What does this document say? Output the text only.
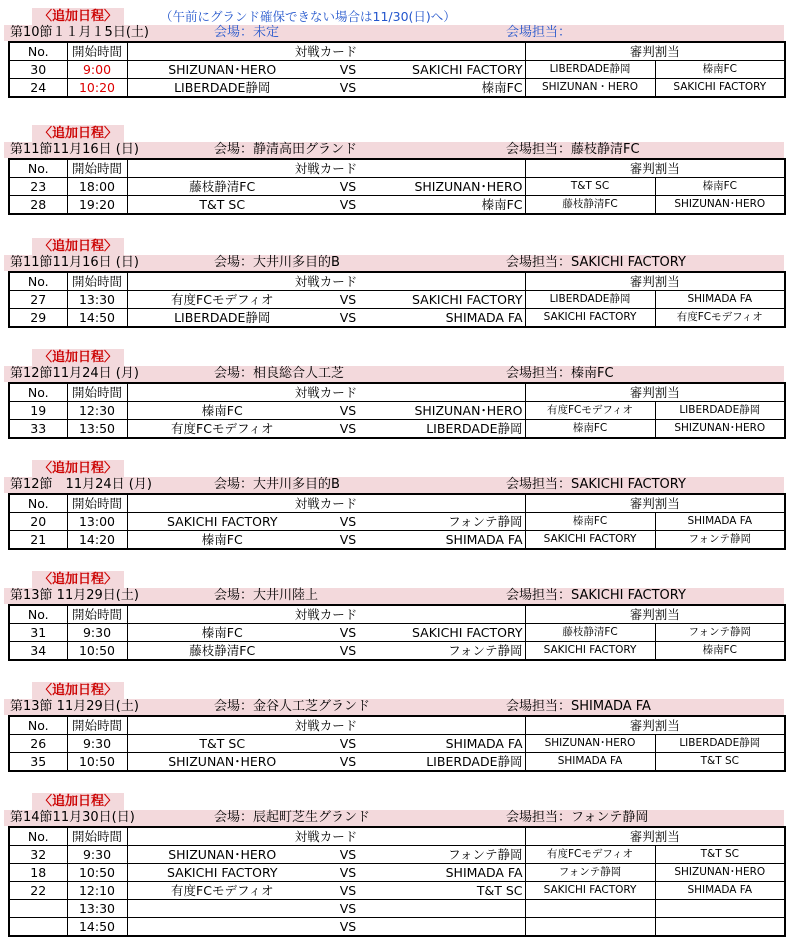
〈追加日程〉	（午前にグランド確保できない場合は11/30(日)へ）
第10節１１月１5日(土)	会場：未定	会場担当：
No.	開始時間	対戦カード			審判割当	
30	9:00	SHIZUNAN･HERO	VS	SAKICHI FACTORY	LIBERDADE静岡	榛南FC
24	10:20	LIBERDADE静岡	VS	榛南FC	SHIZUNAN・HERO	SAKICHI FACTORY
〈追加日程〉
第11節11月16日 (日)	会場：静清高田グランド	会場担当：藤枝静清FC
No.	開始時間	対戦カード			審判割当	
23	18:00	藤枝静清FC	VS	SHIZUNAN･HERO	T&T SC	榛南FC
28	19:20	T&T SC	VS	榛南FC	藤枝静清FC	SHIZUNAN･HERO
〈追加日程〉
第11節11月16日 (日)	会場：大井川多目的B	会場担当：SAKICHI FACTORY
No.	開始時間	対戦カード			審判割当	
27	13:30	有度FCモデフィオ	VS	SAKICHI FACTORY	LIBERDADE静岡	SHIMADA FA
29	14:50	LIBERDADE静岡	VS	SHIMADA FA	SAKICHI FACTORY	有度FCモデフィオ
〈追加日程〉
第12節11月24日 (月)	会場：相良総合人工芝	会場担当：榛南FC
No.	開始時間	対戦カード			審判割当	
19	12:30	榛南FC	VS	SHIZUNAN･HERO	有度FCモデフィオ	LIBERDADE静岡
33	13:50	有度FCモデフィオ	VS	LIBERDADE静岡	榛南FC	SHIZUNAN･HERO
〈追加日程〉
第12節　11月24日 (月)	会場：大井川多目的B	会場担当：SAKICHI FACTORY
No.	開始時間	対戦カード			審判割当	
20	13:00	SAKICHI FACTORY	VS	フォンテ静岡	榛南FC	SHIMADA FA
21	14:20	榛南FC	VS	SHIMADA FA	SAKICHI FACTORY	フォンテ静岡
〈追加日程〉
第13節 11月29日(土)	会場：大井川陸上	会場担当：SAKICHI FACTORY
No.	開始時間	対戦カード			審判割当	
31	9:30	榛南FC	VS	SAKICHI FACTORY	藤枝静清FC	フォンテ静岡
34	10:50	藤枝静清FC	VS	フォンテ静岡	SAKICHI FACTORY	榛南FC
〈追加日程〉
第13節 11月29日(土)	会場：金谷人工芝グランド	会場担当：SHIMADA FA
No.	開始時間	対戦カード			審判割当	
26	9:30	T&T SC	VS	SHIMADA FA	SHIZUNAN･HERO	LIBERDADE静岡
35	10:50	SHIZUNAN･HERO	VS	LIBERDADE静岡	SHIMADA FA	T&T SC
〈追加日程〉
第14節11月30日(日)	会場：辰起町芝生グランド	会場担当：フォンテ静岡
No.	開始時間	対戦カード			審判割当	
32	9:30	SHIZUNAN･HERO	VS	フォンテ静岡	有度FCモデフィオ	T&T SC
18	10:50	SAKICHI FACTORY	VS	SHIMADA FA	フォンテ静岡	SHIZUNAN･HERO
22	12:10	有度FCモデフィオ	VS	T&T SC	SAKICHI FACTORY	SHIMADA FA
	13:30		VS			
	14:50		VS			
